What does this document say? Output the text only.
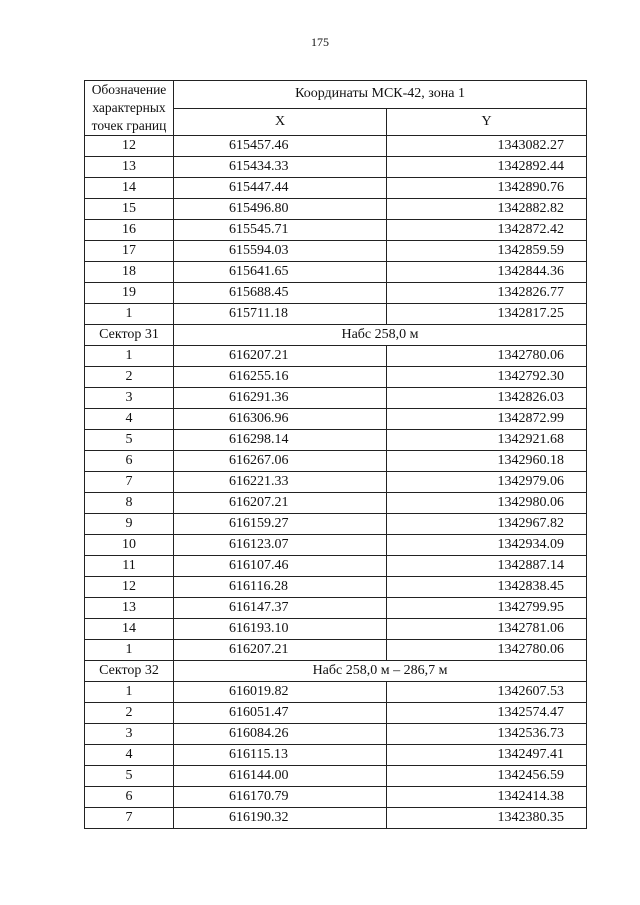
175
Обозначение характерных точек границ	Координаты МСК-42, зона 1	
	X	Y
12	615457.46	1343082.27
13	615434.33	1342892.44
14	615447.44	1342890.76
15	615496.80	1342882.82
16	615545.71	1342872.42
17	615594.03	1342859.59
18	615641.65	1342844.36
19	615688.45	1342826.77
1	615711.18	1342817.25
Сектор 31	Набс 258,0 м	
1	616207.21	1342780.06
2	616255.16	1342792.30
3	616291.36	1342826.03
4	616306.96	1342872.99
5	616298.14	1342921.68
6	616267.06	1342960.18
7	616221.33	1342979.06
8	616207.21	1342980.06
9	616159.27	1342967.82
10	616123.07	1342934.09
11	616107.46	1342887.14
12	616116.28	1342838.45
13	616147.37	1342799.95
14	616193.10	1342781.06
1	616207.21	1342780.06
Сектор 32	Набс 258,0 м – 286,7 м	
1	616019.82	1342607.53
2	616051.47	1342574.47
3	616084.26	1342536.73
4	616115.13	1342497.41
5	616144.00	1342456.59
6	616170.79	1342414.38
7	616190.32	1342380.35
